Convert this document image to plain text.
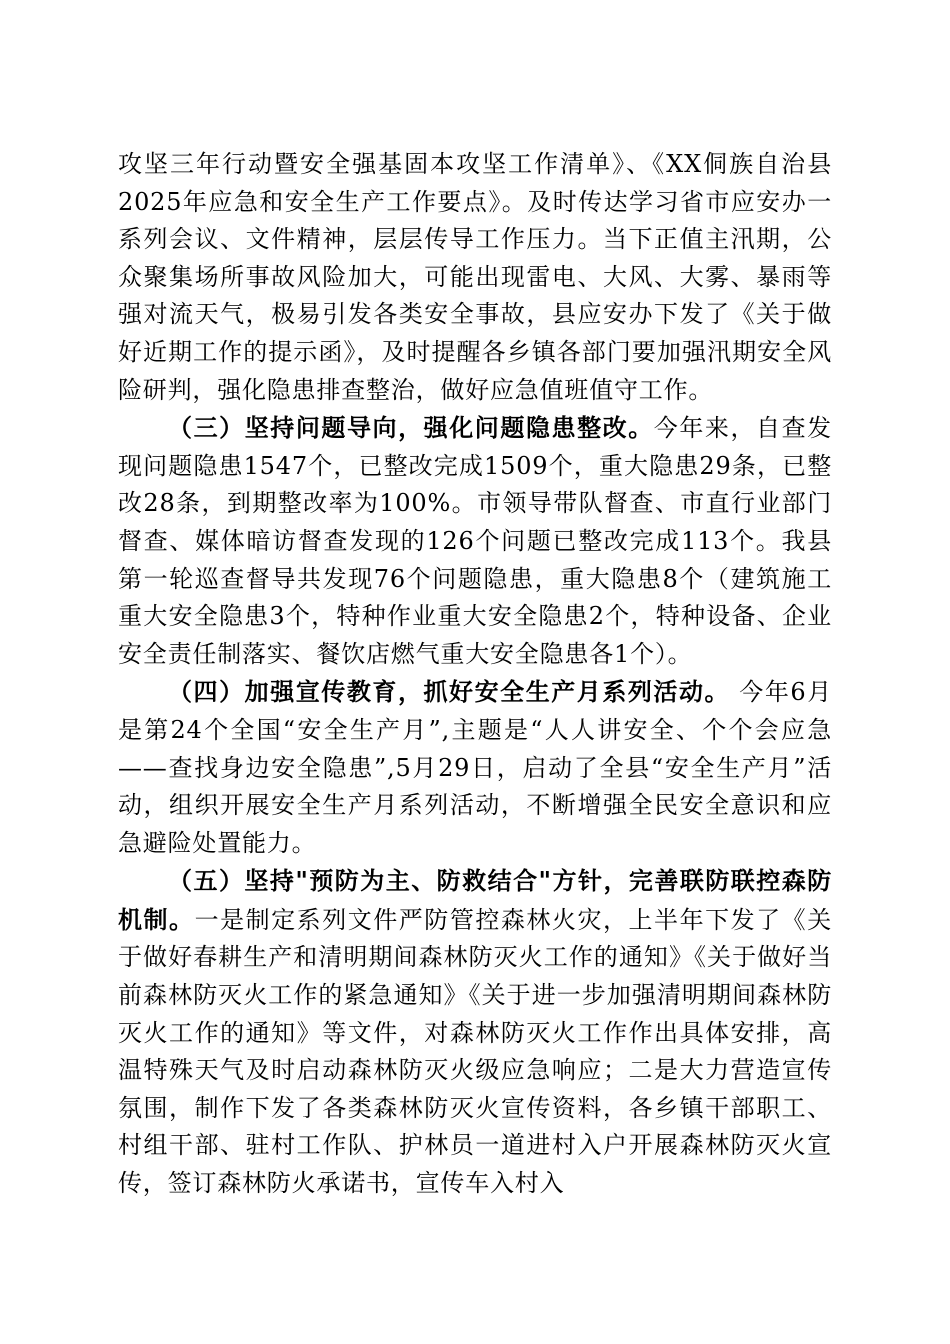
攻坚三年行动暨安全强基固本攻坚工作清单》、《XX侗族自治县2025年应急和安全生产工作要点》。及时传达学习省市应安办一系列会议、文件精神，层层传导工作压力。当下正值主汛期，公众聚集场所事故风险加大，可能出现雷电、大风、大雾、暴雨等强对流天气，极易引发各类安全事故，县应安办下发了《关于做好近期工作的提示函》，及时提醒各乡镇各部门要加强汛期安全风险研判，强化隐患排查整治，做好应急值班值守工作。

（三）坚持问题导向，强化问题隐患整改。今年来，自查发现问题隐患1547个，已整改完成1509个，重大隐患29条，已整改28条，到期整改率为100%。市领导带队督查、市直行业部门督查、媒体暗访督查发现的126个问题已整改完成113个。我县第一轮巡查督导共发现76个问题隐患，重大隐患8个（建筑施工重大安全隐患3个，特种作业重大安全隐患2个，特种设备、企业安全责任制落实、餐饮店燃气重大安全隐患各1个）。

（四）加强宣传教育，抓好安全生产月系列活动。 今年6月是第24个全国“安全生产月”,主题是“人人讲安全、个个会应急——查找身边安全隐患”,5月29日，启动了全县“安全生产月”活动，组织开展安全生产月系列活动，不断增强全民安全意识和应急避险处置能力。

（五）坚持"预防为主、防救结合"方针，完善联防联控森防机制。一是制定系列文件严防管控森林火灾，上半年下发了《关于做好春耕生产和清明期间森林防灭火工作的通知》《关于做好当前森林防灭火工作的紧急通知》《关于进一步加强清明期间森林防灭火工作的通知》等文件，对森林防灭火工作作出具体安排，高温特殊天气及时启动森林防灭火级应急响应；二是大力营造宣传氛围，制作下发了各类森林防灭火宣传资料，各乡镇干部职工、村组干部、驻村工作队、护林员一道进村入户开展森林防灭火宣传，签订森林防火承诺书，宣传车入村入
